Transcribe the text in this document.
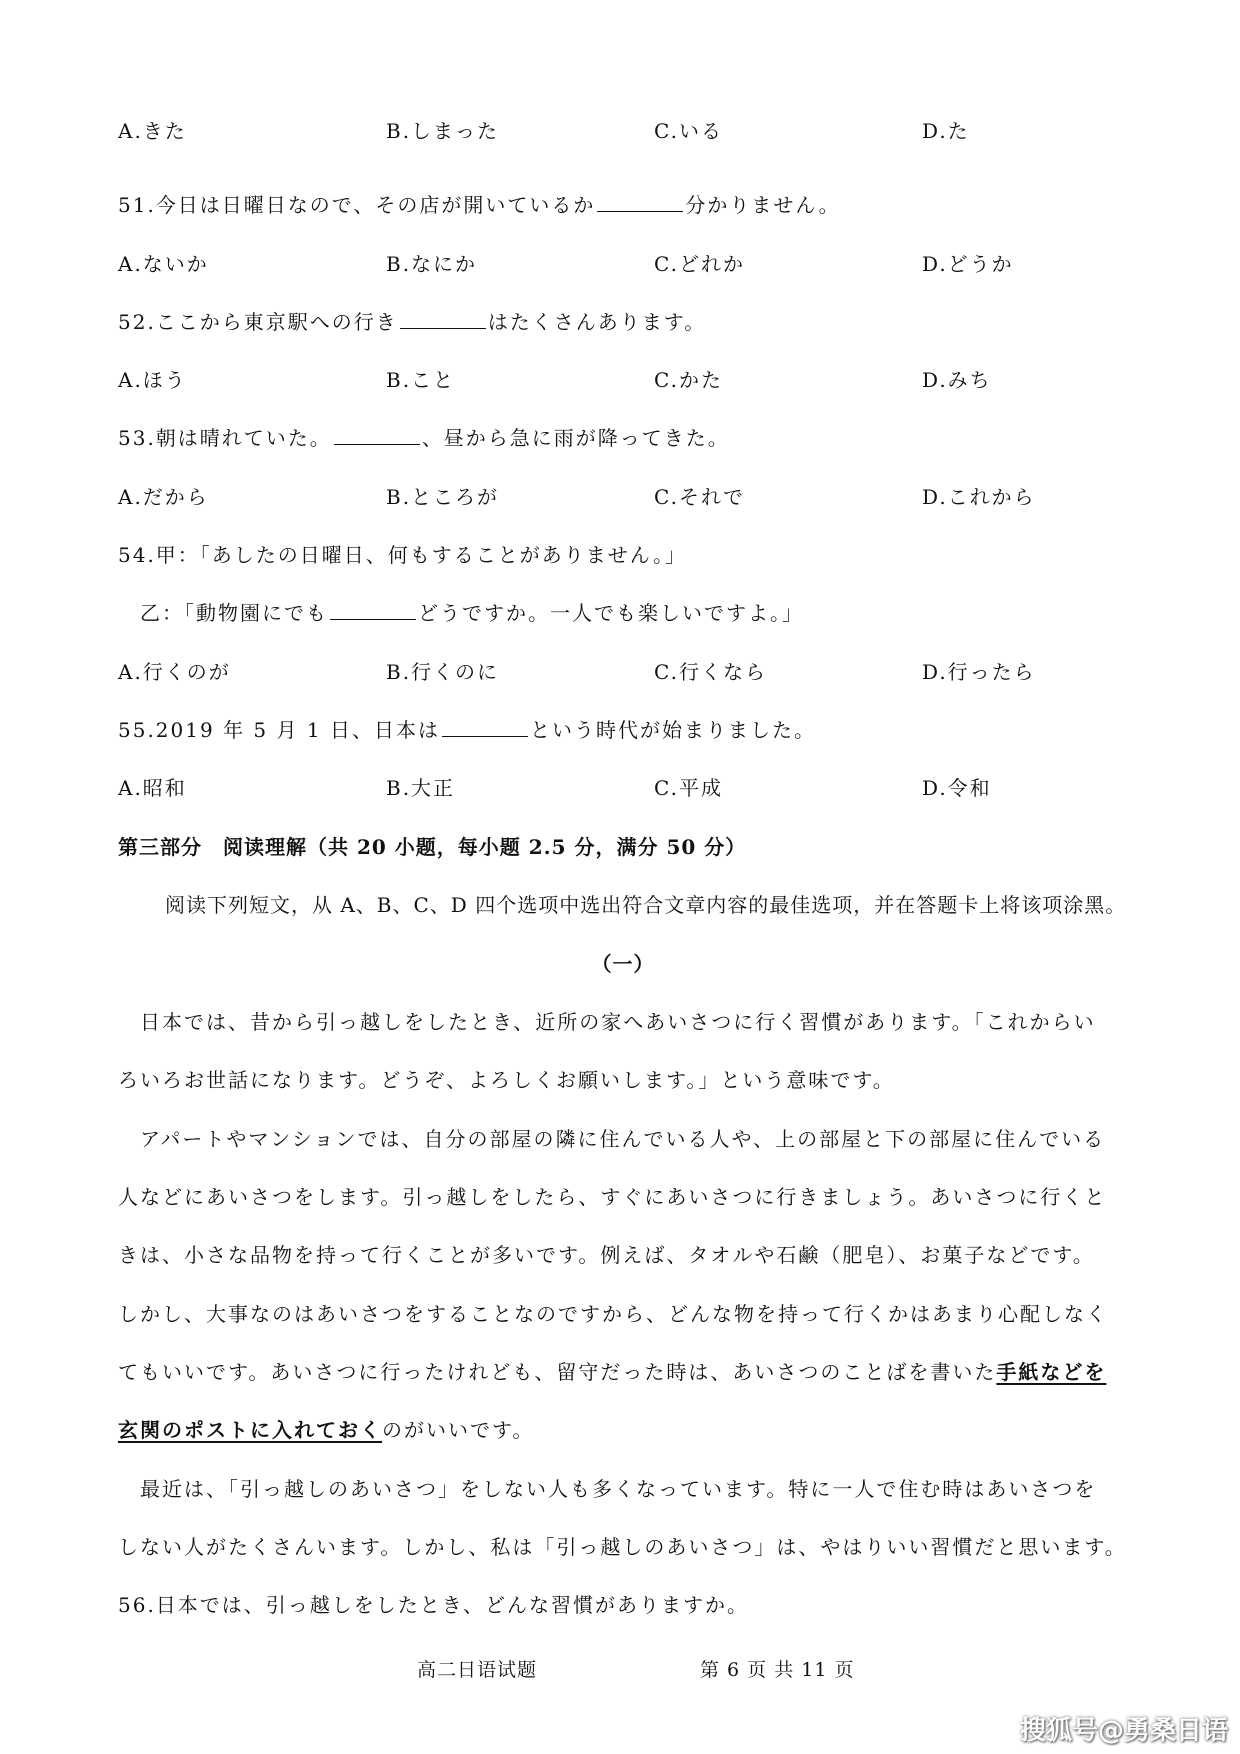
A.きた	B.しまった	C.いる	D.た
51.今日は日曜日なので、その店が開いているか	分かりません。
A.ないか	B.なにか	C.どれか	D.どうか
52.ここから東京駅への行き	はたくさんあります。
A.ほう	B.こと	C.かた	D.みち
53.朝は晴れていた。	、昼から急に雨が降ってきた。
A.だから	B.ところが	C.それで	D.これから
54.甲：「あしたの日曜日、何もすることがありません。」
乙：「動物園にでも	どうですか。一人でも楽しいですよ。」
A.行くのが	B.行くのに	C.行くなら	D.行ったら
55.2019 年 5 月 1 日、日本は	という時代が始まりました。
A.昭和	B.大正	C.平成	D.令和
第三部分　阅读理解（共 20 小题，每小题 2.5 分，满分 50 分）
阅读下列短文，从 A、B、C、D 四个选项中选出符合文章内容的最佳选项，并在答题卡上将该项涂黑。
（一）
日本では、昔から引っ越しをしたとき、近所の家へあいさつに行く習慣があります。「これからい
ろいろお世話になります。どうぞ、よろしくお願いします。」という意味です。
アパートやマンションでは、自分の部屋の隣に住んでいる人や、上の部屋と下の部屋に住んでいる
人などにあいさつをします。引っ越しをしたら、すぐにあいさつに行きましょう。あいさつに行くと
きは、小さな品物を持って行くことが多いです。例えば、タオルや石鹸（肥皂）、お菓子などです。
しかし、大事なのはあいさつをすることなのですから、どんな物を持って行くかはあまり心配しなく
てもいいです。あいさつに行ったけれども、留守だった時は、あいさつのことばを書いた手紙などを
玄関のポストに入れておくのがいいです。
最近は、「引っ越しのあいさつ」をしない人も多くなっています。特に一人で住む時はあいさつを
しない人がたくさんいます。しかし、私は「引っ越しのあいさつ」は、やはりいい習慣だと思います。
56.日本では、引っ越しをしたとき、どんな習慣がありますか。
高二日语试题	第 6 页 共 11 页
搜狐号@勇桑日语
